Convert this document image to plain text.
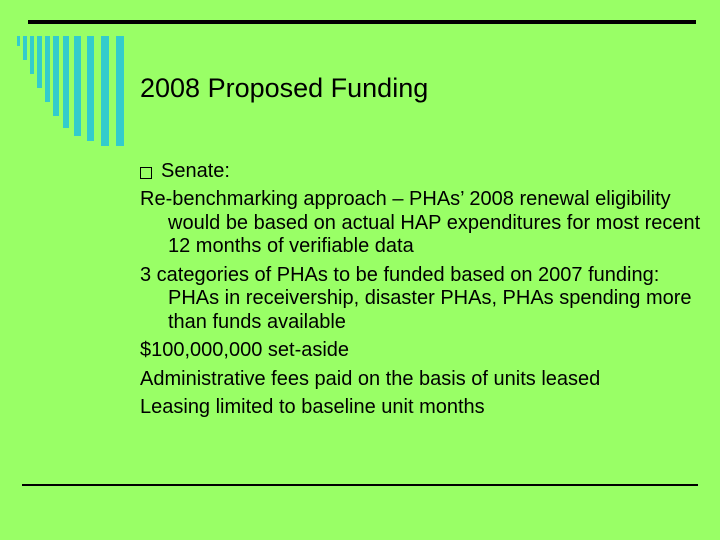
2008 Proposed Funding
Senate:
Re-benchmarking approach – PHAs’ 2008 renewal eligibility would be based on actual HAP expenditures for most recent 12 months of verifiable data
3 categories of PHAs to be funded based on 2007 funding: PHAs in receivership, disaster PHAs, PHAs spending more than funds available
$100,000,000 set-aside
Administrative fees paid on the basis of units leased
Leasing limited to baseline unit months
